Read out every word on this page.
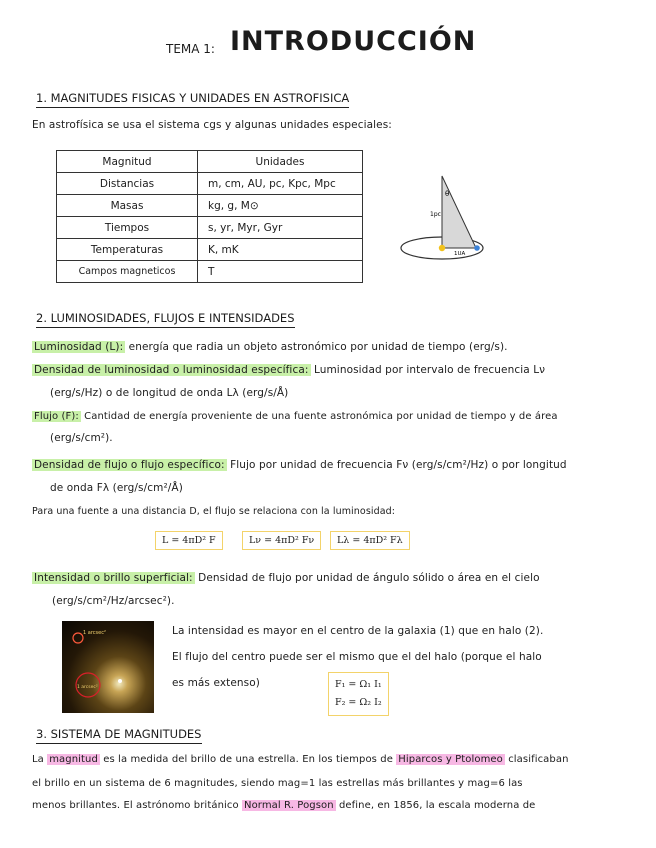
TEMA 1: INTRODUCCIÓN
1. MAGNITUDES FISICAS Y UNIDADES EN ASTROFISICA
En astrofísica se usa el sistema cgs y algunas unidades especiales:
Magnitud	Unidades
Distancias	m, cm, AU, pc, Kpc, Mpc
Masas	kg, g, M⊙
Tiempos	s, yr, Myr, Gyr
Temperaturas	K, mK
Campos magneticos	T
θ
1pc
1UA
2. LUMINOSIDADES, FLUJOS E INTENSIDADES
Luminosidad (L): energía que radia un objeto astronómico por unidad de tiempo (erg/s).
Densidad de luminosidad o luminosidad específica: Luminosidad por intervalo de frecuencia Lν
(erg/s/Hz) o de longitud de onda Lλ (erg/s/Å)
Flujo (F): Cantidad de energía proveniente de una fuente astronómica por unidad de tiempo y de área
(erg/s/cm²).
Densidad de flujo o flujo específico: Flujo por unidad de frecuencia Fν (erg/s/cm²/Hz) o por longitud
de onda Fλ (erg/s/cm²/Å)
Para una fuente a una distancia D, el flujo se relaciona con la luminosidad:
L = 4πD² F	Lν = 4πD² Fν	Lλ = 4πD² Fλ
Intensidad o brillo superficial: Densidad de flujo por unidad de ángulo sólido o área en el cielo
(erg/s/cm²/Hz/arcsec²).
1 arcsec²
1 arcsec²
La intensidad es mayor en el centro de la galaxia (1) que en halo (2).
El flujo del centro puede ser el mismo que el del halo (porque el halo
es más extenso)	F₁ = Ω₁ I₁
F₂ = Ω₂ I₂
3. SISTEMA DE MAGNITUDES
La magnitud es la medida del brillo de una estrella. En los tiempos de Hiparcos y Ptolomeo clasificaban
el brillo en un sistema de 6 magnitudes, siendo mag=1 las estrellas más brillantes y mag=6 las
menos brillantes. El astrónomo británico Normal R. Pogson define, en 1856, la escala moderna de
